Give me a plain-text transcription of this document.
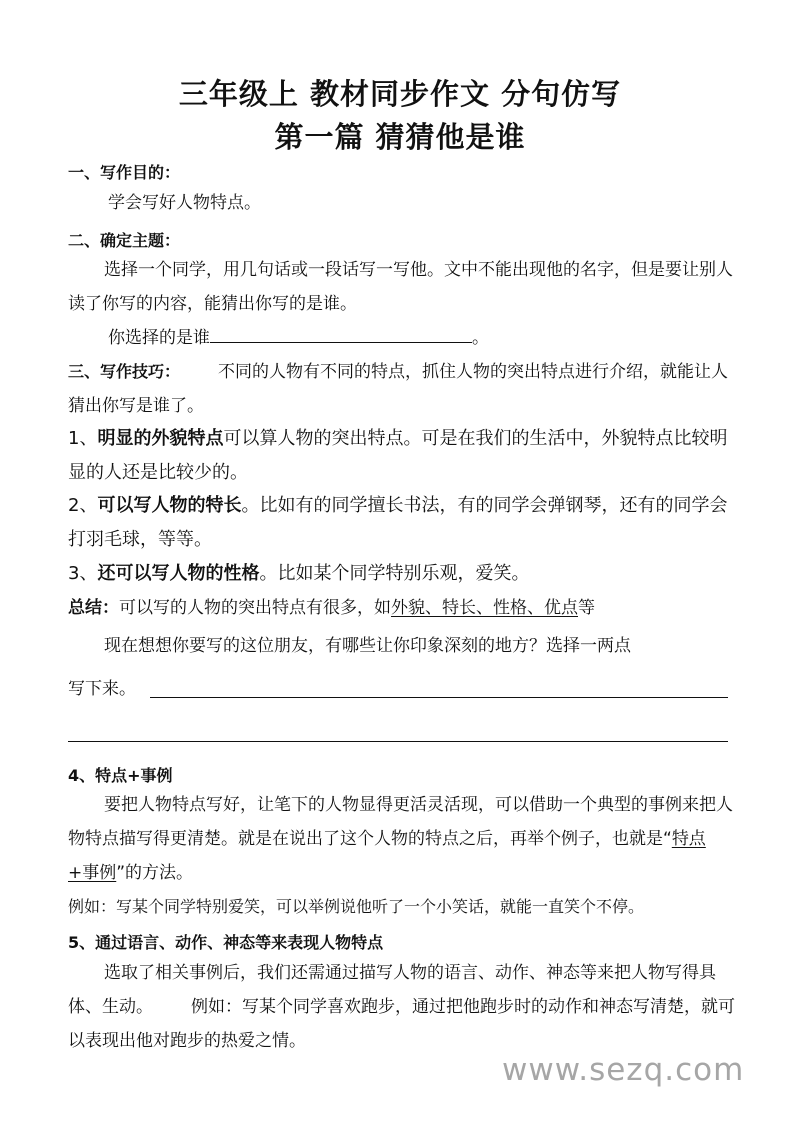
三年级上 教材同步作文 分句仿写
第一篇 猜猜他是谁
一、写作目的：
学会写好人物特点。
二、确定主题：
选择一个同学，用几句话或一段话写一写他。文中不能出现他的名字，但是要让别人读了你写的内容，能猜出你写的是谁。
你选择的是谁	。
三、写作技巧： 不同的人物有不同的特点，抓住人物的突出特点进行介绍，就能让人猜出你写是谁了。
1、明显的外貌特点可以算人物的突出特点。可是在我们的生活中，外貌特点比较明显的人还是比较少的。
2、可以写人物的特长。比如有的同学擅长书法，有的同学会弹钢琴，还有的同学会打羽毛球，等等。
3、还可以写人物的性格。比如某个同学特别乐观，爱笑。
总结：可以写的人物的突出特点有很多，如外貌、特长、性格、优点等
现在想想你要写的这位朋友，有哪些让你印象深刻的地方？选择一两点
写下来。
4、特点+事例
要把人物特点写好，让笔下的人物显得更活灵活现，可以借助一个典型的事例来把人物特点描写得更清楚。就是在说出了这个人物的特点之后，再举个例子，也就是“特点+事例”的方法。
例如：写某个同学特别爱笑，可以举例说他听了一个小笑话，就能一直笑个不停。
5、通过语言、动作、神态等来表现人物特点
选取了相关事例后，我们还需通过描写人物的语言、动作、神态等来把人物写得具体、生动。 例如：写某个同学喜欢跑步，通过把他跑步时的动作和神态写清楚，就可以表现出他对跑步的热爱之情。
www.sezq.com
